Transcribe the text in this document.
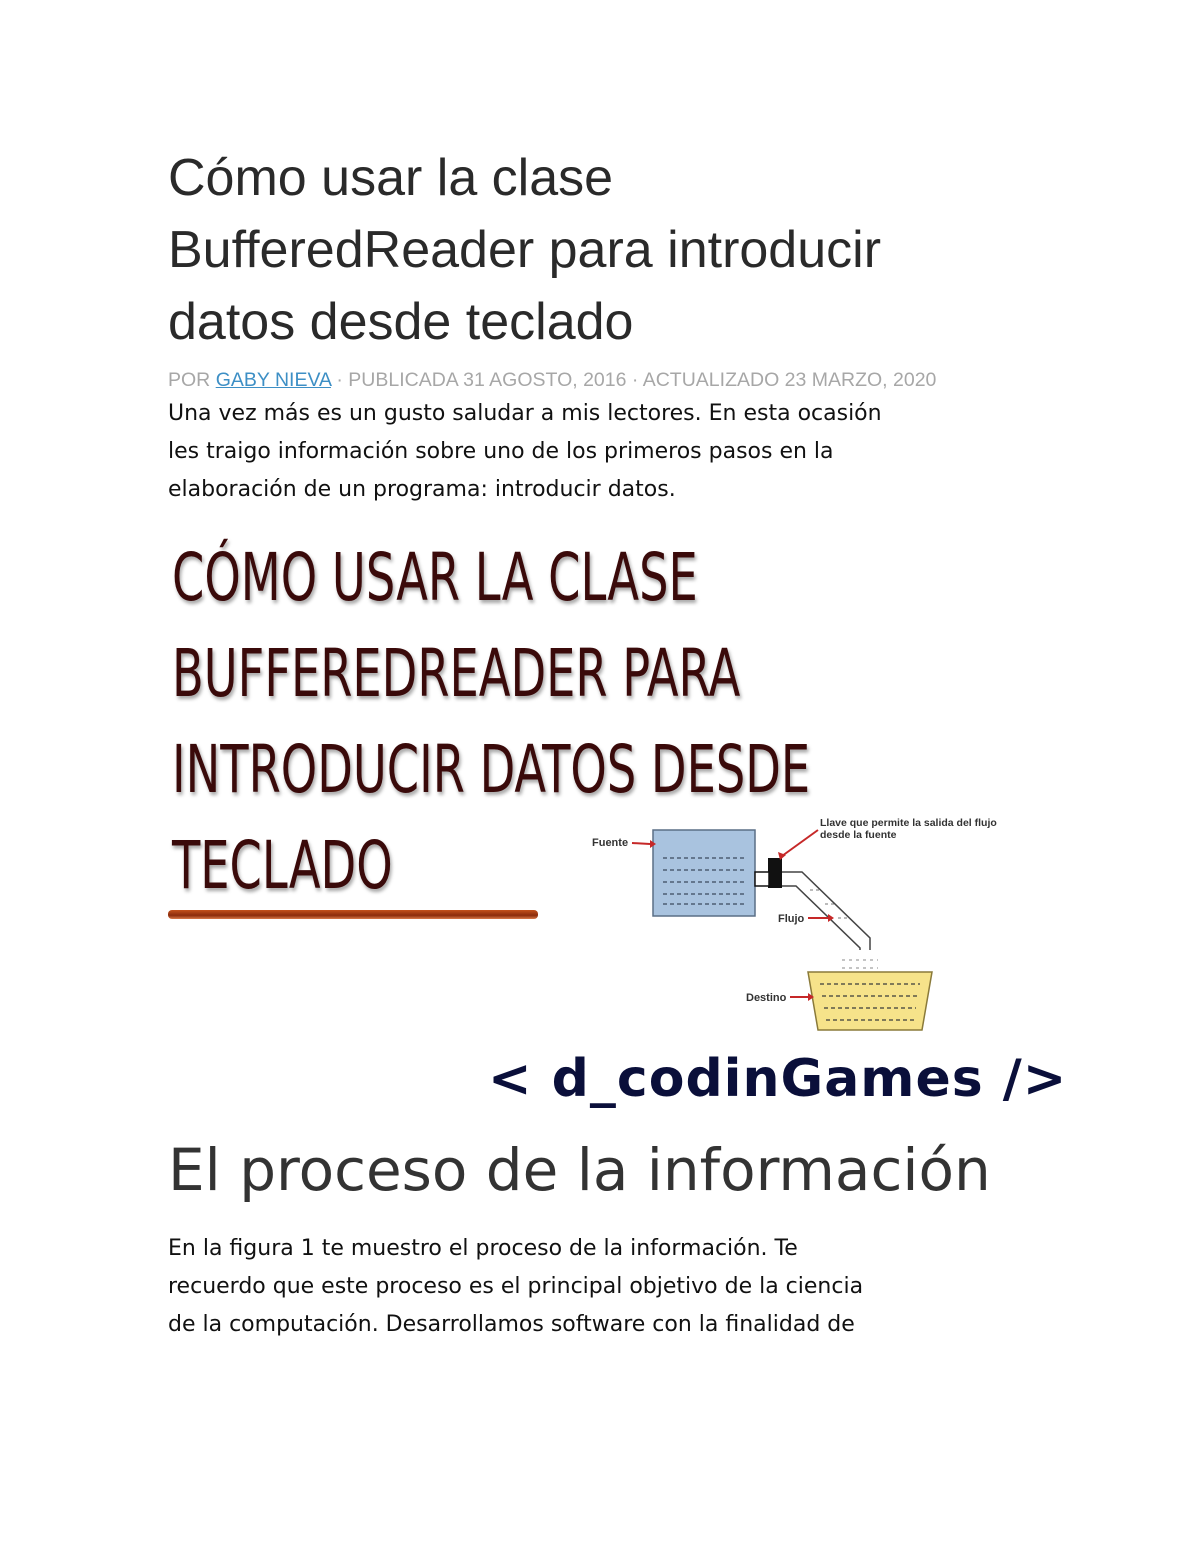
Cómo usar la clase
BufferedReader para introducir
datos desde teclado
POR GABY NIEVA · PUBLICADA 31 AGOSTO, 2016 · ACTUALIZADO 23 MARZO, 2020

Una vez más es un gusto saludar a mis lectores. En esta ocasión
les traigo información sobre uno de los primeros pasos en la
elaboración de un programa: introducir datos.

CÓMO USAR LA CLASE
BUFFEREDREADER PARA
INTRODUCIR DATOS DESDE
TECLADO	Fuente
Llave que permite la salida del flujo
desde la fuente
Flujo
Destino
< d_codinGames />
El proceso de la información

En la figura 1 te muestro el proceso de la información. Te
recuerdo que este proceso es el principal objetivo de la ciencia
de la computación. Desarrollamos software con la finalidad de
